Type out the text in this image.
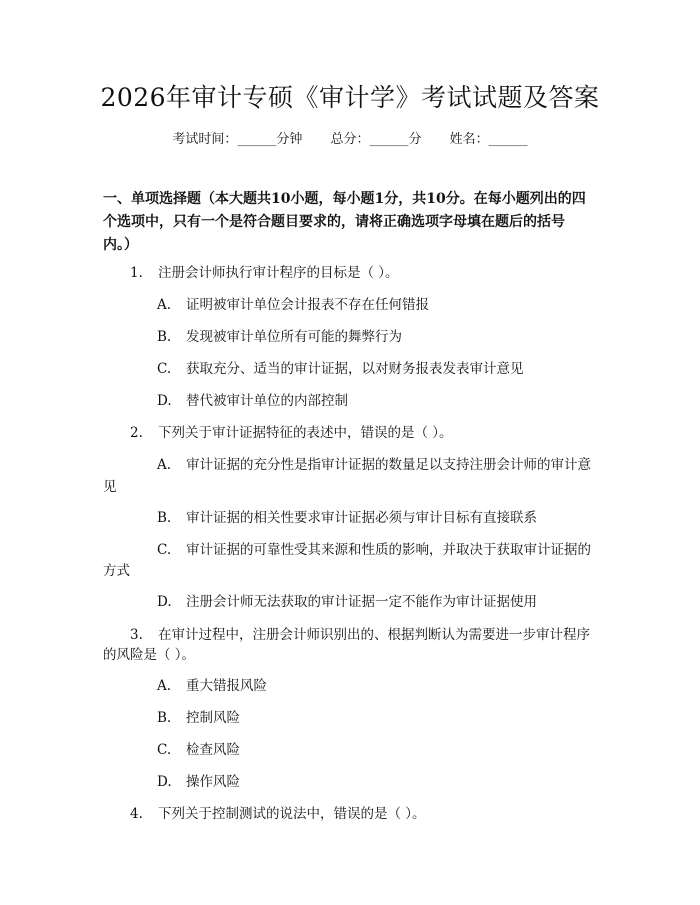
2026年审计专硕《审计学》考试试题及答案
考试时间：______分钟 总分：______分 姓名：______
一、单项选择题（本大题共10小题，每小题1分，共10分。在每小题列出的四
个选项中，只有一个是符合题目要求的，请将正确选项字母填在题后的括号
内。）
1. 注册会计师执行审计程序的目标是（ ）。
A. 证明被审计单位会计报表不存在任何错报
B. 发现被审计单位所有可能的舞弊行为
C. 获取充分、适当的审计证据，以对财务报表发表审计意见
D. 替代被审计单位的内部控制
2. 下列关于审计证据特征的表述中，错误的是（ ）。
A. 审计证据的充分性是指审计证据的数量足以支持注册会计师的审计意
见
B. 审计证据的相关性要求审计证据必须与审计目标有直接联系
C. 审计证据的可靠性受其来源和性质的影响，并取决于获取审计证据的
方式
D. 注册会计师无法获取的审计证据一定不能作为审计证据使用
3. 在审计过程中，注册会计师识别出的、根据判断认为需要进一步审计程序
的风险是（ ）。
A. 重大错报风险
B. 控制风险
C. 检查风险
D. 操作风险
4. 下列关于控制测试的说法中，错误的是（ ）。
